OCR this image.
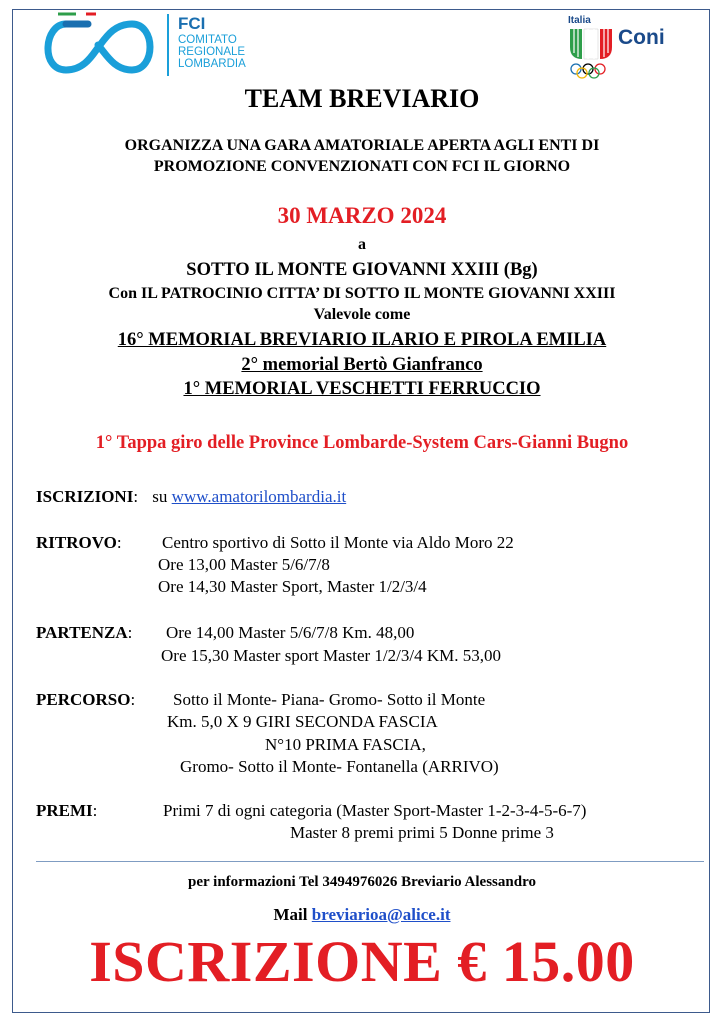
FCI
COMITATO
REGIONALE
LOMBARDIA
Italia
Coni
TEAM BREVIARIO
ORGANIZZA UNA GARA AMATORIALE APERTA AGLI ENTI DI
PROMOZIONE CONVENZIONATI CON FCI IL GIORNO
30 MARZO 2024
a
SOTTO IL MONTE GIOVANNI XXIII (Bg)
Con IL PATROCINIO CITTA’ DI SOTTO IL MONTE GIOVANNI XXIII
Valevole come
16° MEMORIAL BREVIARIO ILARIO E PIROLA EMILIA
2° memorial Bertò Gianfranco
1° MEMORIAL VESCHETTI FERRUCCIO
1° Tappa giro delle Province Lombarde-System Cars-Gianni Bugno
ISCRIZIONI: su www.amatorilombardia.it
RITROVO: Centro sportivo di Sotto il Monte via Aldo Moro 22
Ore 13,00 Master 5/6/7/8
Ore 14,30 Master Sport, Master 1/2/3/4
PARTENZA: Ore 14,00 Master 5/6/7/8 Km. 48,00
Ore 15,30 Master sport Master 1/2/3/4 KM. 53,00
PERCORSO: Sotto il Monte- Piana- Gromo- Sotto il Monte
Km. 5,0 X 9 GIRI SECONDA FASCIA
N°10 PRIMA FASCIA,
Gromo- Sotto il Monte- Fontanella (ARRIVO)
PREMI:	Primi 7 di ogni categoria (Master Sport-Master 1-2-3-4-5-6-7)
Master 8 premi primi 5 Donne prime 3
per informazioni Tel 3494976026 Breviario Alessandro
Mail breviarioa@alice.it
ISCRIZIONE € 15.00
